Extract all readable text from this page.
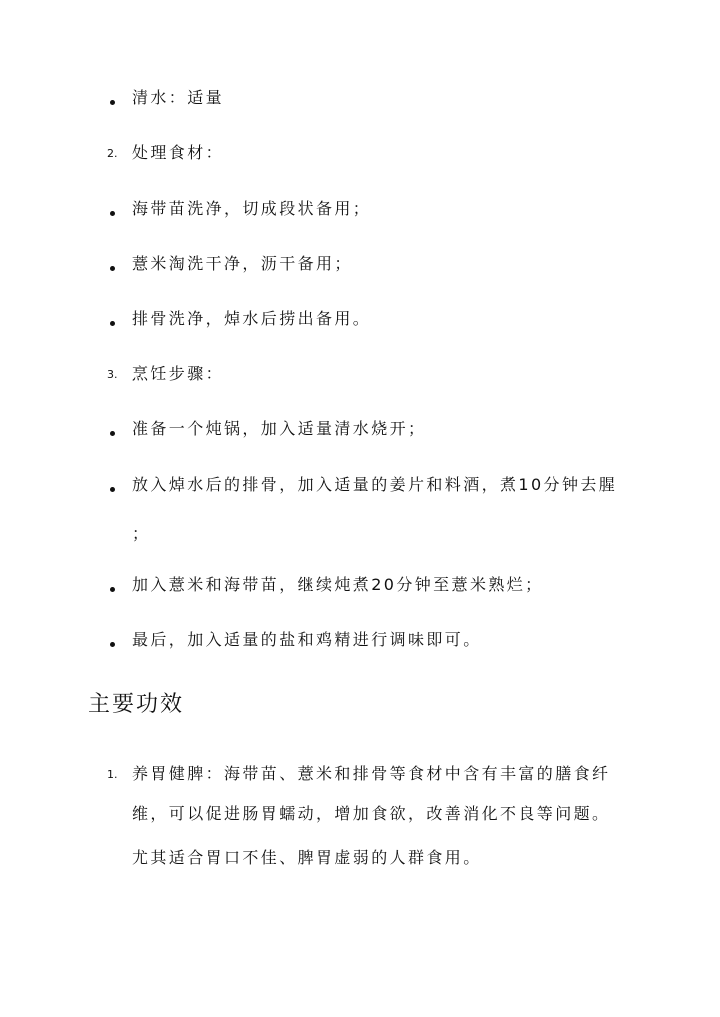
清水：适量
2. 处理食材：
海带苗洗净，切成段状备用；
薏米淘洗干净，沥干备用；
排骨洗净，焯水后捞出备用。
3. 烹饪步骤：
准备一个炖锅，加入适量清水烧开；
放入焯水后的排骨，加入适量的姜片和料酒，煮10分钟去腥
；
加入薏米和海带苗，继续炖煮20分钟至薏米熟烂；
最后，加入适量的盐和鸡精进行调味即可。
主要功效
1. 养胃健脾：海带苗、薏米和排骨等食材中含有丰富的膳食纤
维，可以促进肠胃蠕动，增加食欲，改善消化不良等问题。
尤其适合胃口不佳、脾胃虚弱的人群食用。
